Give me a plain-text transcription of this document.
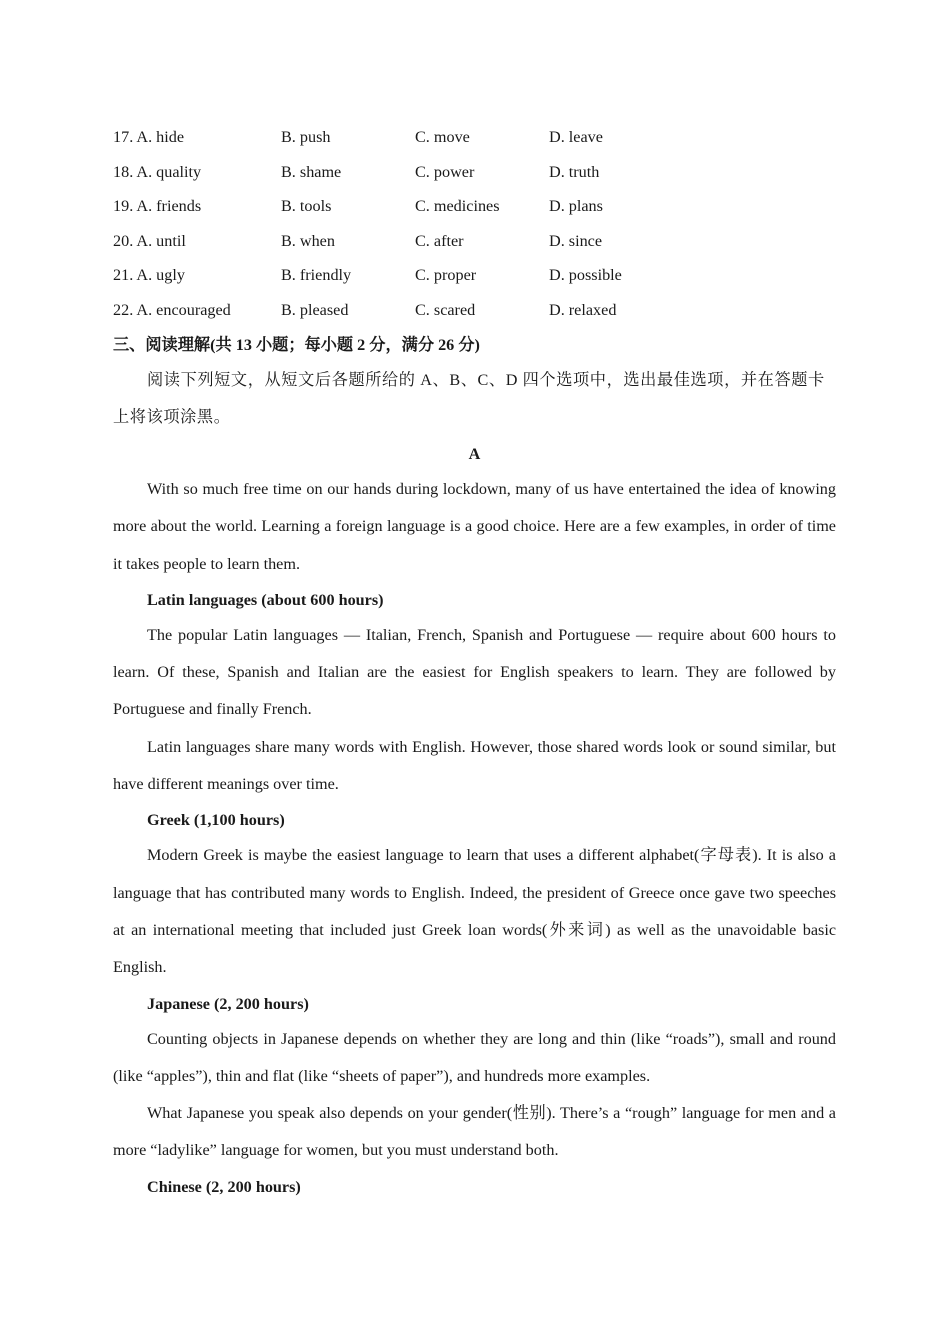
17. A. hide	B. push	C. move	D. leave
18. A. quality	B. shame	C. power	D. truth
19. A. friends	B. tools	C. medicines	D. plans
20. A. until	B. when	C. after	D. since
21. A. ugly	B. friendly	C. proper	D. possible
22. A. encouraged	B. pleased	C. scared	D. relaxed
三、阅读理解(共 13 小题；每小题 2 分，满分 26 分)
阅读下列短文，从短文后各题所给的 A、B、C、D 四个选项中，选出最佳选项，并在答题卡上将该项涂黑。
A

With so much free time on our hands during lockdown, many of us have entertained the idea of knowing more about the world. Learning a foreign language is a good choice. Here are a few examples, in order of time it takes people to learn them.

Latin languages (about 600 hours)

The popular Latin languages — Italian, French, Spanish and Portuguese — require about 600 hours to learn. Of these, Spanish and Italian are the easiest for English speakers to learn. They are followed by Portuguese and finally French.

Latin languages share many words with English. However, those shared words look or sound similar, but have different meanings over time.

Greek (1,100 hours)

Modern Greek is maybe the easiest language to learn that uses a different alphabet(字母表). It is also a language that has contributed many words to English. Indeed, the president of Greece once gave two speeches at an international meeting that included just Greek loan words(外来词) as well as the unavoidable basic English.

Japanese (2, 200 hours)

Counting objects in Japanese depends on whether they are long and thin (like “roads”), small and round (like “apples”), thin and flat (like “sheets of paper”), and hundreds more examples.

What Japanese you speak also depends on your gender(性别). There’s a “rough” language for men and a more “ladylike” language for women, but you must understand both.

Chinese (2, 200 hours)
